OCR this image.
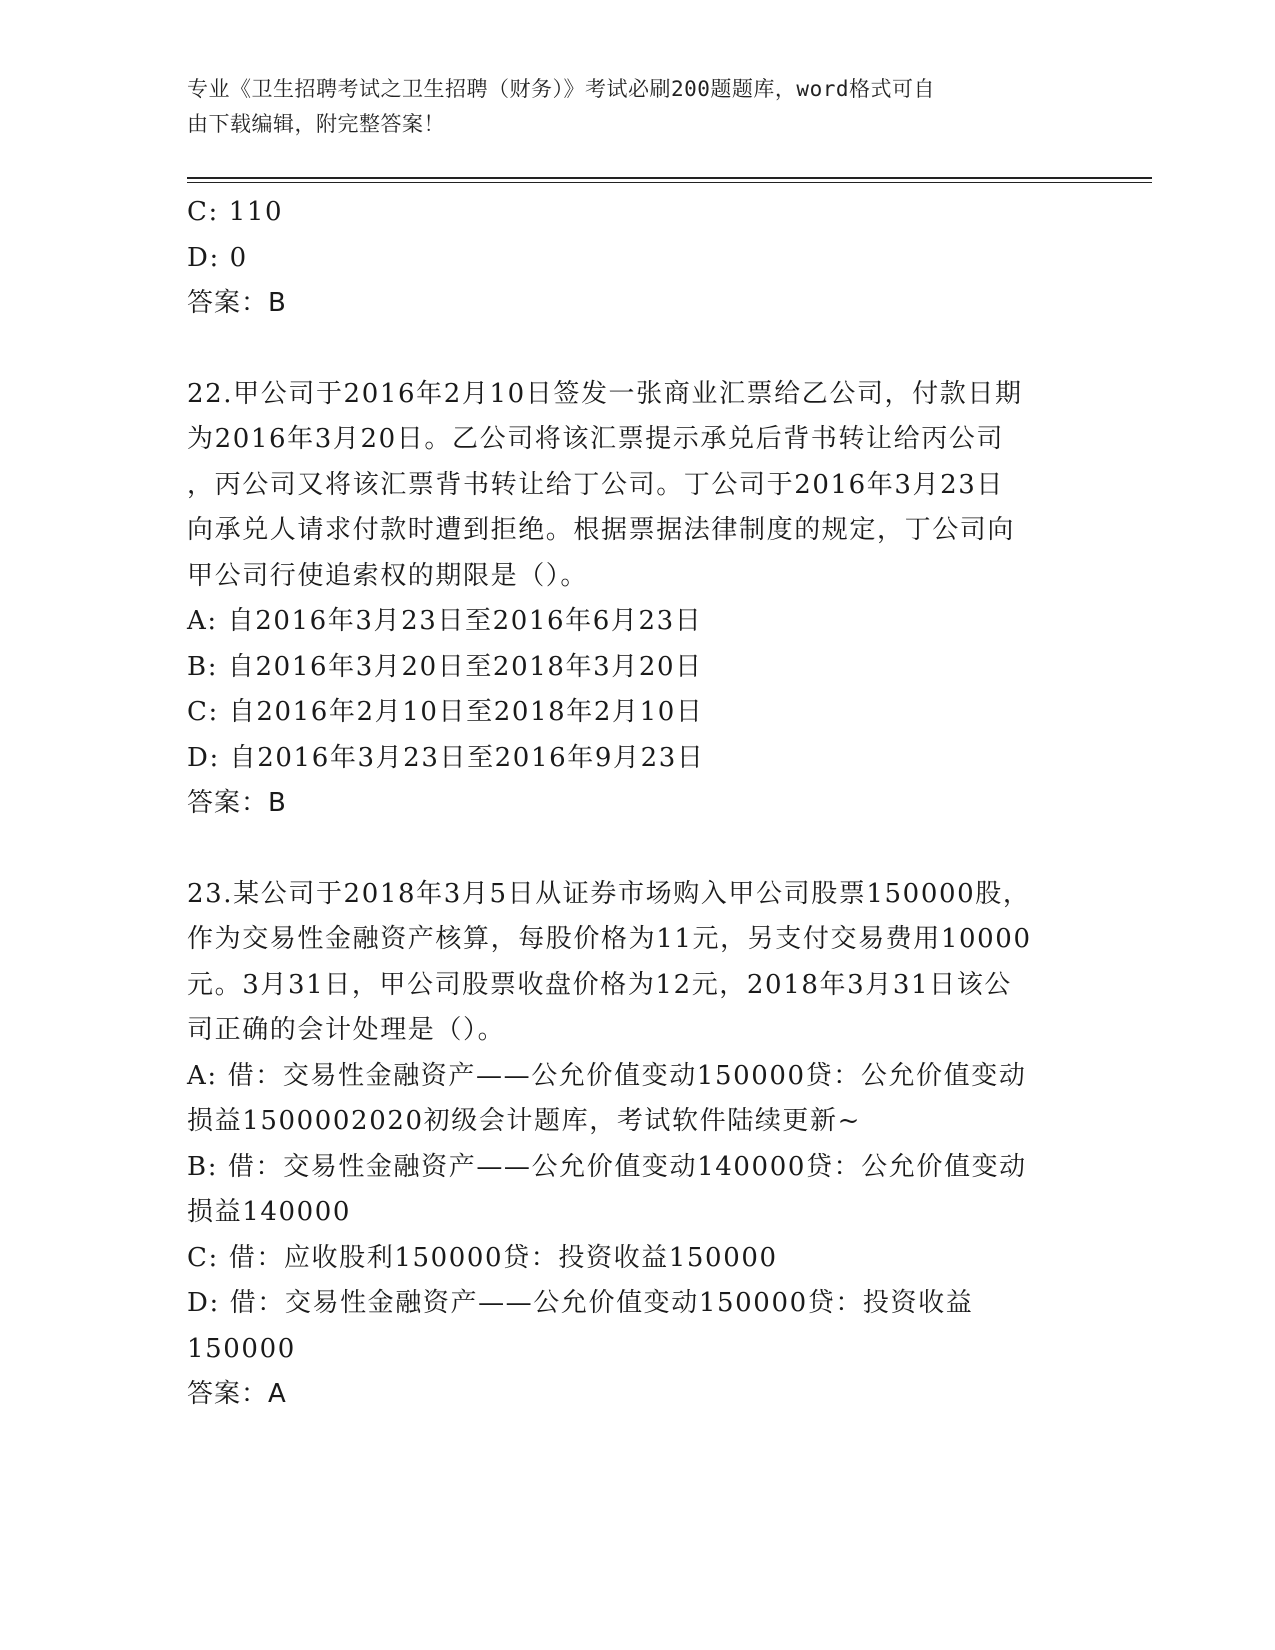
专业《卫生招聘考试之卫生招聘（财务）》考试必刷200题题库，word格式可自
由下载编辑，附完整答案！
C: 110
D: 0
答案：B
22.甲公司于2016年2月10日签发一张商业汇票给乙公司，付款日期
为2016年3月20日。乙公司将该汇票提示承兑后背书转让给丙公司
，丙公司又将该汇票背书转让给丁公司。丁公司于2016年3月23日
向承兑人请求付款时遭到拒绝。根据票据法律制度的规定，丁公司向
甲公司行使追索权的期限是（）。
A: 自2016年3月23日至2016年6月23日
B: 自2016年3月20日至2018年3月20日
C: 自2016年2月10日至2018年2月10日
D: 自2016年3月23日至2016年9月23日
答案：B
23.某公司于2018年3月5日从证券市场购入甲公司股票150000股，
作为交易性金融资产核算，每股价格为11元，另支付交易费用10000
元。3月31日，甲公司股票收盘价格为12元，2018年3月31日该公
司正确的会计处理是（）。
A: 借：交易性金融资产——公允价值变动150000贷：公允价值变动
损益1500002020初级会计题库，考试软件陆续更新~
B: 借：交易性金融资产——公允价值变动140000贷：公允价值变动
损益140000
C: 借：应收股利150000贷：投资收益150000
D: 借：交易性金融资产——公允价值变动150000贷：投资收益
150000
答案：A
